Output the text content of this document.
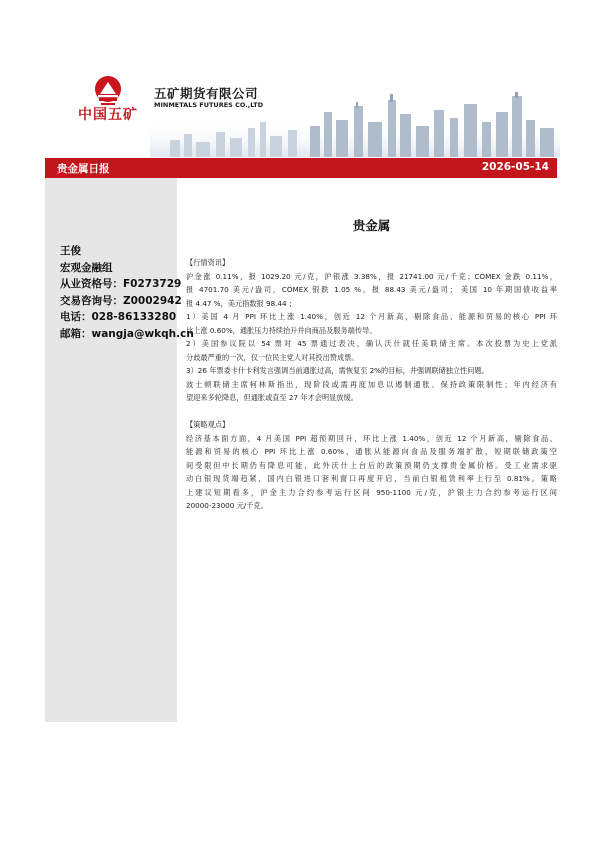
中国五矿
五矿期货有限公司
MINMETALS FUTURES CO.,LTD
贵金属日报	2026-05-14
王俊
宏观金融组
从业资格号：F0273729
交易咨询号：Z0002942
电话：028-86133280
邮箱：wangja@wkqh.cn
贵金属
【行情资讯】
沪金涨 0.11%，报 1029.20 元/克，沪银涨 3.38%，报 21741.00 元/千克；COMEX 金跌 0.11%，
报 4701.70 美元/盎司，COMEX 银跌 1.05 %，报 88.43 美元/盎司； 美国 10 年期国债收益率
报 4.47 %，美元指数报 98.44 ；
1）美国 4 月 PPI 环比上涨 1.40%，创近 12 个月新高，剔除食品、能源和贸易的核心 PPI 环
比上涨 0.60%，通胀压力持续抬升并向商品及服务端传导。
2）美国参议院以 54 票对 45 票通过表决，确认沃什就任美联储主席。本次投票为史上党派
分歧最严重的一次，仅一位民主党人对其投出赞成票。
3）26 年票委卡什卡利发言强调当前通胀过高，需恢复至 2%的目标，并强调联储独立性问题。
波士顿联储主席柯林斯指出，现阶段或需再度加息以遏制通胀、保持政策限制性；年内经济有
望迎来多轮降息，但通胀或直至 27 年才会明显放缓。
【策略观点】
经济基本面方面，4 月美国 PPI 超预期回升，环比上涨 1.40%，创近 12 个月新高，剔除食品、
能源和贸易的核心 PPI 环比上涨 0.60%，通胀从能源向食品及服务端扩散，短期联储政策空
间受限但中长期仍有降息可能，此外沃什上台后的政策预期仍支撑贵金属价格。受工业需求驱
动白银现货端趋紧，国内白银进口套利窗口再度开启，当前白银租赁利率上行至 0.81%。策略
上建议短期看多，沪金主力合约参考运行区间 950-1100 元/克，沪银主力合约参考运行区间
20000-23000 元/千克。
